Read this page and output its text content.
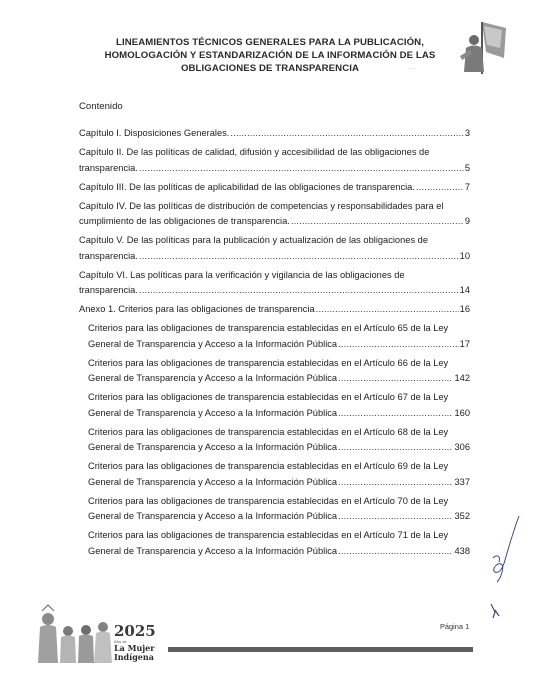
LINEAMIENTOS TÉCNICOS GENERALES PARA LA PUBLICACIÓN,
HOMOLOGACIÓN Y ESTANDARIZACIÓN DE LA INFORMACIÓN DE LAS
OBLIGACIONES DE TRANSPARENCIA	·· ·
Contenido
Capítulo I. Disposiciones Generales. .....	3
Capítulo II. De las políticas de calidad, difusión y accesibilidad de las obligaciones de
transparencia. .....	5
Capítulo III. De las políticas de aplicabilidad de las obligaciones de transparencia. .....	7
Capítulo IV. De las políticas de distribución de competencias y responsabilidades para el
cumplimiento de las obligaciones de transparencia. .....	9
Capítulo V. De las políticas para la publicación y actualización de las obligaciones de
transparencia. .....	10
Capítulo VI. Las políticas para la verificación y vigilancia de las obligaciones de
transparencia. .....	14
Anexo 1. Criterios para las obligaciones de transparencia .....	16
Criterios para las obligaciones de transparencia establecidas en el Artículo 65 de la Ley
General de Transparencia y Acceso a la Información Pública .....	17
Criterios para las obligaciones de transparencia establecidas en el Artículo 66 de la Ley
General de Transparencia y Acceso a la Información Pública .....	142
Criterios para las obligaciones de transparencia establecidas en el Artículo 67 de la Ley
General de Transparencia y Acceso a la Información Pública .....	160
Criterios para las obligaciones de transparencia establecidas en el Artículo 68 de la Ley
General de Transparencia y Acceso a la Información Pública .....	306
Criterios para las obligaciones de transparencia establecidas en el Artículo 69 de la Ley
General de Transparencia y Acceso a la Información Pública .....	337
Criterios para las obligaciones de transparencia establecidas en el Artículo 70 de la Ley
General de Transparencia y Acceso a la Información Pública .....	352
Criterios para las obligaciones de transparencia establecidas en el Artículo 71 de la Ley
General de Transparencia y Acceso a la Información Pública .....	438
2025
Año de
La Mujer
Indígena
Página 1
